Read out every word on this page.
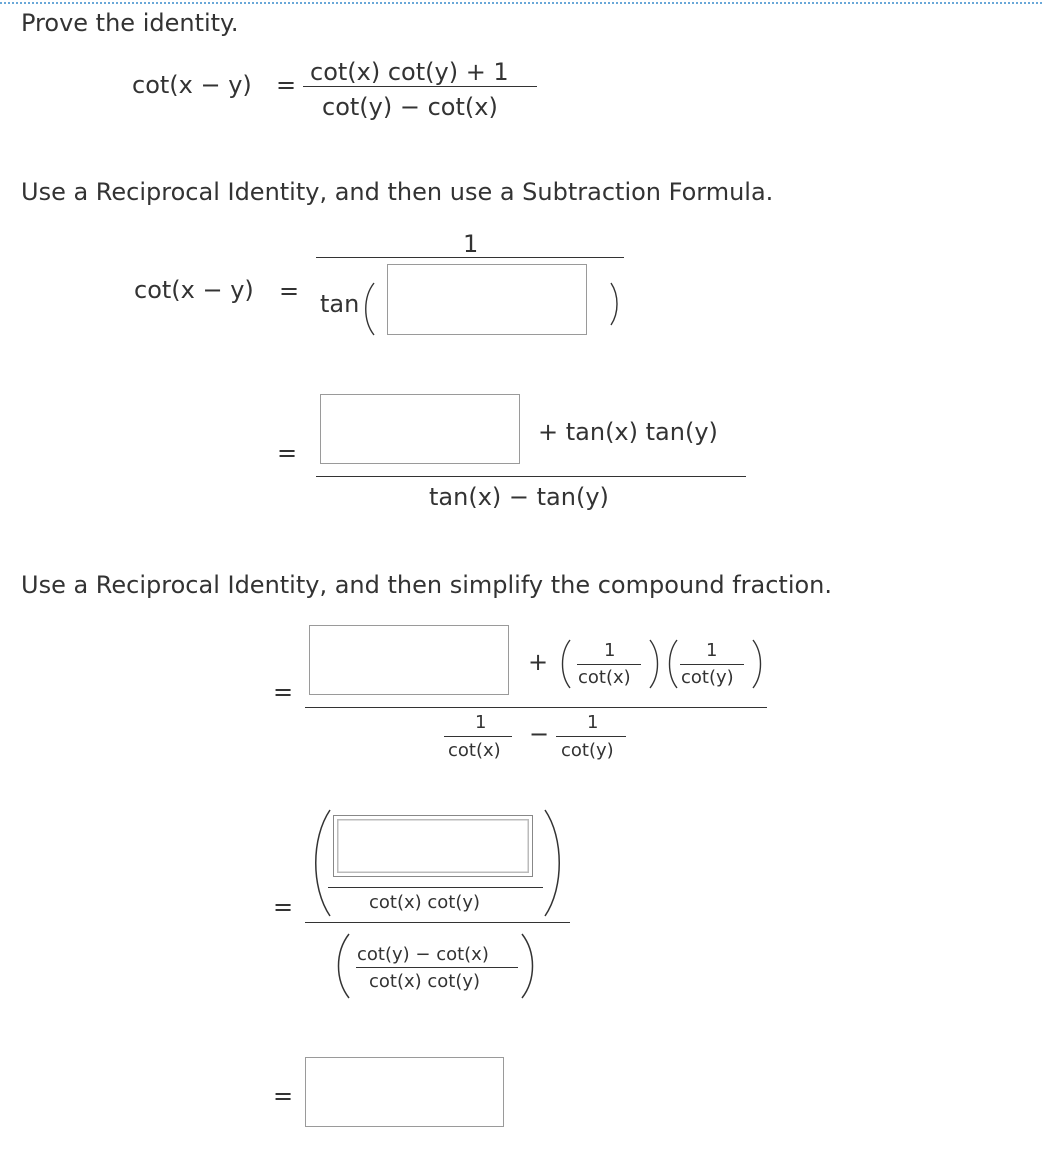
Prove the identity.
cot(x − y) = cot(x) cot(y) + 1
cot(y) − cot(x)
Use a Reciprocal Identity, and then use a Subtraction Formula.
cot(x − y) =
1
tan
=
+ tan(x) tan(y)
tan(x) − tan(y)
Use a Reciprocal Identity, and then simplify the compound fraction.
=
+	1
cot(x)
1
cot(y)
1
cot(x)
− 1
cot(y)
=	cot(x) cot(y)
cot(y) − cot(x)
cot(x) cot(y)
=
